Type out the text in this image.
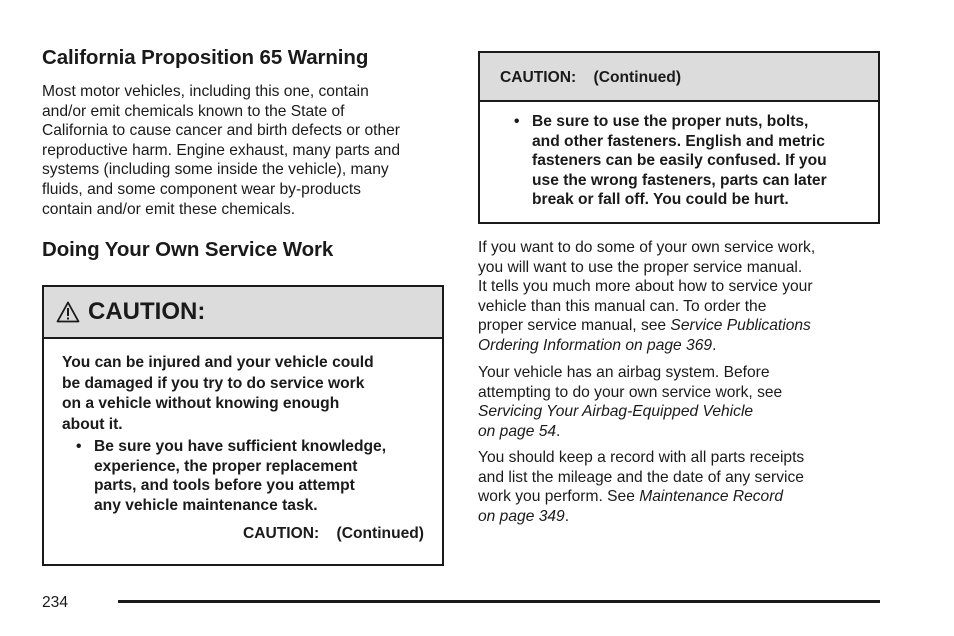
California Proposition 65 Warning
Most motor vehicles, including this one, contain
and/or emit chemicals known to the State of
California to cause cancer and birth defects or other
reproductive harm. Engine exhaust, many parts and
systems (including some inside the vehicle), many
fluids, and some component wear by-products
contain and/or emit these chemicals.
Doing Your Own Service Work
CAUTION:
You can be injured and your vehicle could
be damaged if you try to do service work
on a vehicle without knowing enough
about it.
• Be sure you have sufficient knowledge,
experience, the proper replacement
parts, and tools before you attempt
any vehicle maintenance task.
CAUTION:    (Continued)
CAUTION:    (Continued)
• Be sure to use the proper nuts, bolts,
and other fasteners. English and metric
fasteners can be easily confused. If you
use the wrong fasteners, parts can later
break or fall off. You could be hurt.
If you want to do some of your own service work,
you will want to use the proper service manual.
It tells you much more about how to service your
vehicle than this manual can. To order the
proper service manual, see Service Publications
Ordering Information on page 369.
Your vehicle has an airbag system. Before
attempting to do your own service work, see
Servicing Your Airbag-Equipped Vehicle
on page 54.
You should keep a record with all parts receipts
and list the mileage and the date of any service
work you perform. See Maintenance Record
on page 349.
234
